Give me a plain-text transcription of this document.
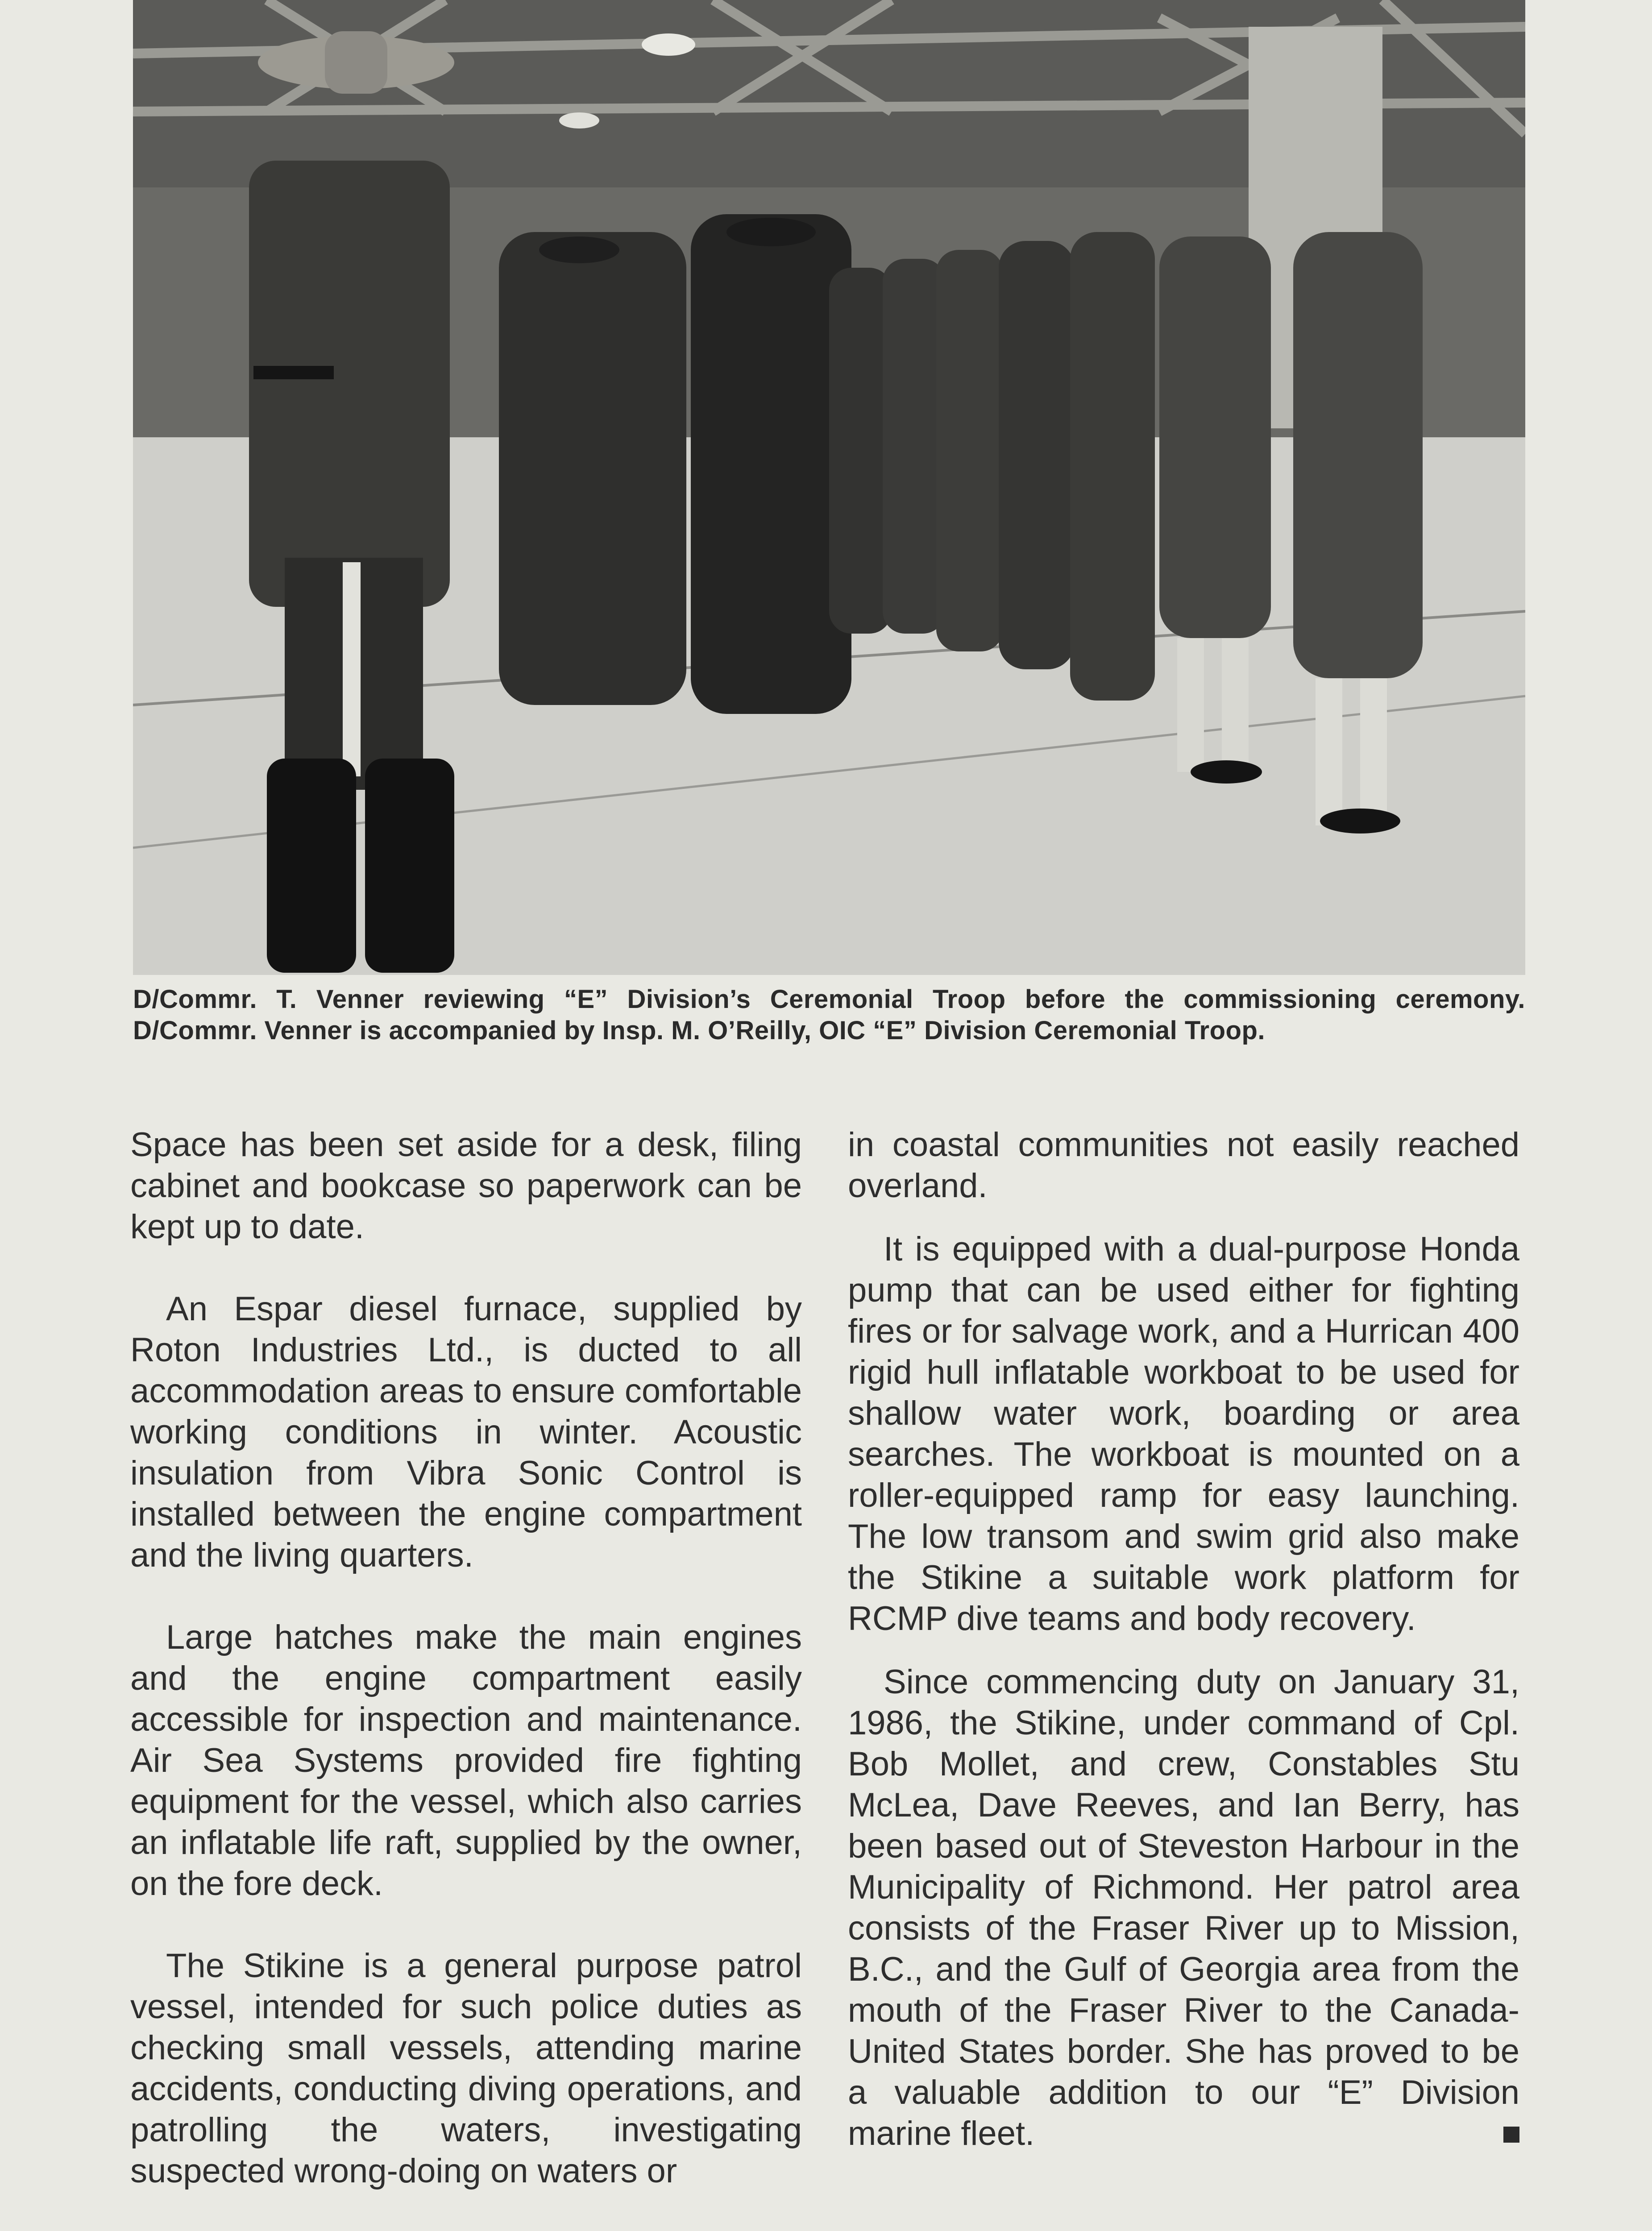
D/Commr. T. Venner reviewing “E” Division’s Ceremonial Troop before the commissioning ceremony. D/Commr. Venner is accompanied by Insp. M. O’Reilly, OIC “E” Division Ceremonial Troop.

Space has been set aside for a desk, filing cabinet and bookcase so paperwork can be kept up to date.

An Espar diesel furnace, supplied by Roton Industries Ltd., is ducted to all accommodation areas to ensure comfortable working conditions in winter. Acoustic insulation from Vibra Sonic Control is installed between the engine compartment and the living quarters.

Large hatches make the main engines and the engine compartment easily accessible for inspection and maintenance. Air Sea Systems provided fire fighting equipment for the vessel, which also carries an inflatable life raft, supplied by the owner, on the fore deck.

The Stikine is a general purpose patrol vessel, intended for such police duties as checking small vessels, attending marine accidents, conducting diving operations, and patrolling the waters, investigating suspected wrong-doing on waters or

in coastal communities not easily reached overland.

It is equipped with a dual-purpose Honda pump that can be used either for fighting fires or for salvage work, and a Hurrican 400 rigid hull inflatable workboat to be used for shallow water work, boarding or area searches. The workboat is mounted on a roller-equipped ramp for easy launching. The low transom and swim grid also make the Stikine a suitable work platform for RCMP dive teams and body recovery.

Since commencing duty on January 31, 1986, the Stikine, under command of Cpl. Bob Mollet, and crew, Constables Stu McLea, Dave Reeves, and Ian Berry, has been based out of Steveston Harbour in the Municipality of Richmond. Her patrol area consists of the Fraser River up to Mission, B.C., and the Gulf of Georgia area from the mouth of the Fraser River to the Canada-United States border. She has proved to be a valuable addition to our “E” Division marine fleet.
